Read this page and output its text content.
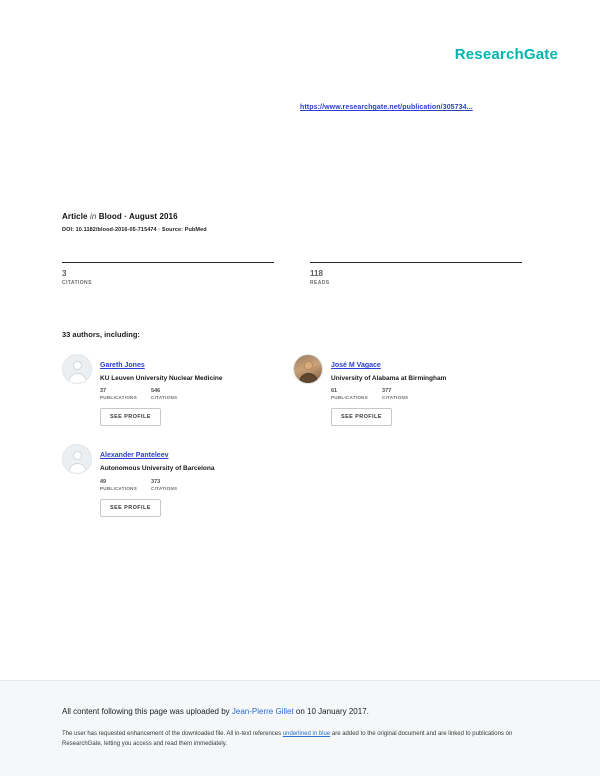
ResearchGate
https://www.researchgate.net/publication/305734...
Article in Blood · August 2016
DOI: 10.1182/blood-2016-05-715474 · Source: PubMed
3
CITATIONS
118
READS
33 authors, including:
Gareth Jones
KU Leuven University Nuclear Medicine
37
PUBLICATIONS
546
CITATIONS
SEE PROFILE
José M Vagace
University of Alabama at Birmingham
61
PUBLICATIONS
377
CITATIONS
SEE PROFILE
Alexander Panteleev
Autonomous University of Barcelona
49
PUBLICATIONS
373
CITATIONS
SEE PROFILE
All content following this page was uploaded by Jean-Pierre Gillet on 10 January 2017.
The user has requested enhancement of the downloaded file. All in-text references underlined in blue are added to the original document and are linked to publications on ResearchGate, letting you access and read them immediately.
